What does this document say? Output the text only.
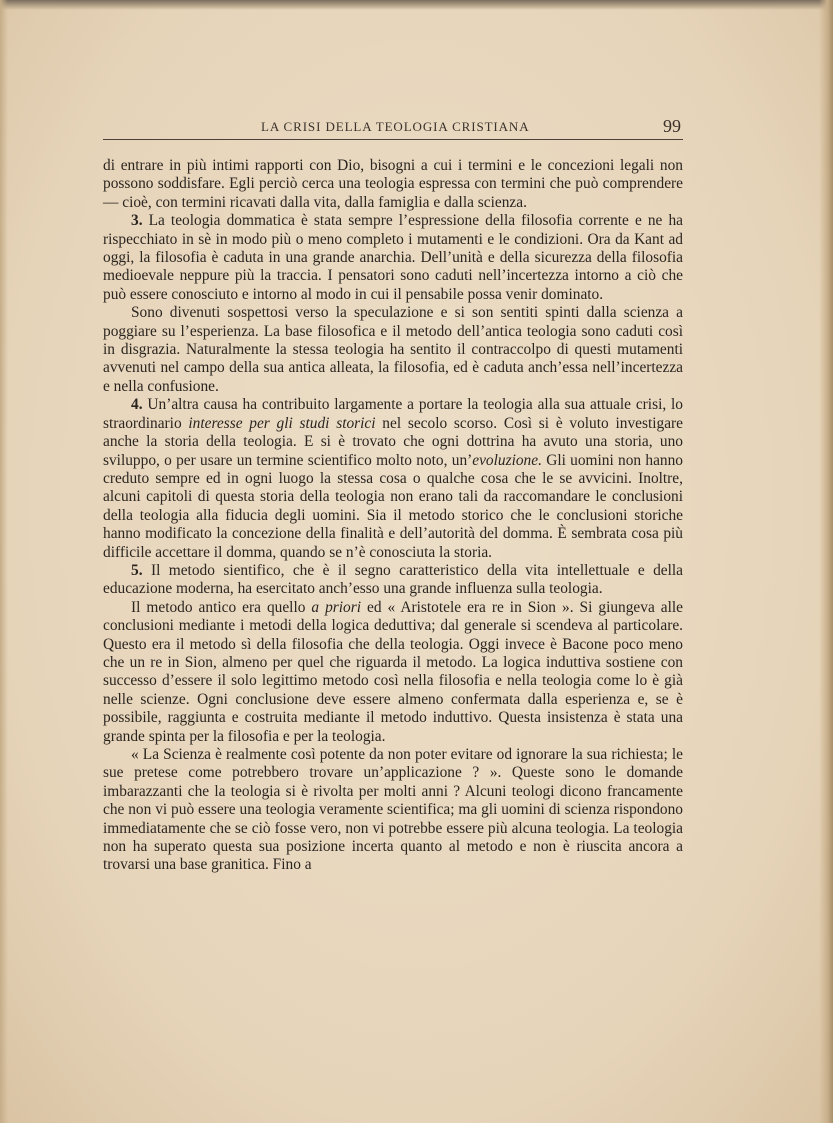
LA CRISI DELLA TEOLOGIA CRISTIANA	99

di entrare in più intimi rapporti con Dio, bisogni a cui i termini e le concezioni legali non possono soddisfare. Egli perciò cerca una teologia espressa con termini che può comprendere — cioè, con termini ricavati dalla vita, dalla famiglia e dalla scienza.

3. La teologia dommatica è stata sempre l’espressione della filosofia corrente e ne ha rispecchiato in sè in modo più o meno completo i mutamenti e le condizioni. Ora da Kant ad oggi, la filosofia è caduta in una grande anarchia. Dell’unità e della sicurezza della filosofia medioevale neppure più la traccia. I pensatori sono caduti nell’incertezza intorno a ciò che può essere conosciuto e intorno al modo in cui il pensabile possa venir dominato.

Sono divenuti sospettosi verso la speculazione e si son sentiti spinti dalla scienza a poggiare su l’esperienza. La base filosofica e il metodo dell’antica teologia sono caduti così in disgrazia. Naturalmente la stessa teologia ha sentito il contraccolpo di questi mutamenti avvenuti nel campo della sua antica alleata, la filosofia, ed è caduta anch’essa nell’incertezza e nella confusione.

4. Un’altra causa ha contribuito largamente a portare la teologia alla sua attuale crisi, lo straordinario interesse per gli studi storici nel secolo scorso. Così si è voluto investigare anche la storia della teologia. E si è trovato che ogni dottrina ha avuto una storia, uno sviluppo, o per usare un termine scientifico molto noto, un’evoluzione. Gli uomini non hanno creduto sempre ed in ogni luogo la stessa cosa o qualche cosa che le se avvicini. Inoltre, alcuni capitoli di questa storia della teologia non erano tali da raccomandare le conclusioni della teologia alla fiducia degli uomini. Sia il metodo storico che le conclusioni storiche hanno modificato la concezione della finalità e dell’autorità del domma. È sembrata cosa più difficile accettare il domma, quando se n’è conosciuta la storia.

5. Il metodo sientifico, che è il segno caratteristico della vita intellettuale e della educazione moderna, ha esercitato anch’esso una grande influenza sulla teologia.

Il metodo antico era quello a priori ed « Aristotele era re in Sion ». Si giungeva alle conclusioni mediante i metodi della logica deduttiva; dal generale si scendeva al particolare. Questo era il metodo sì della filosofia che della teologia. Oggi invece è Bacone poco meno che un re in Sion, almeno per quel che riguarda il metodo. La logica induttiva sostiene con successo d’essere il solo legittimo metodo così nella filosofia e nella teologia come lo è già nelle scienze. Ogni conclusione deve essere almeno confermata dalla esperienza e, se è possibile, raggiunta e costruita mediante il metodo induttivo. Questa insistenza è stata una grande spinta per la filosofia e per la teologia.

« La Scienza è realmente così potente da non poter evitare od ignorare la sua richiesta; le sue pretese come potrebbero trovare un’applicazione ? ». Queste sono le domande imbarazzanti che la teologia si è rivolta per molti anni ? Alcuni teologi dicono francamente che non vi può essere una teologia veramente scientifica; ma gli uomini di scienza rispondono immediatamente che se ciò fosse vero, non vi potrebbe essere più alcuna teologia. La teologia non ha superato questa sua posizione incerta quanto al metodo e non è riuscita ancora a trovarsi una base granitica. Fino a
